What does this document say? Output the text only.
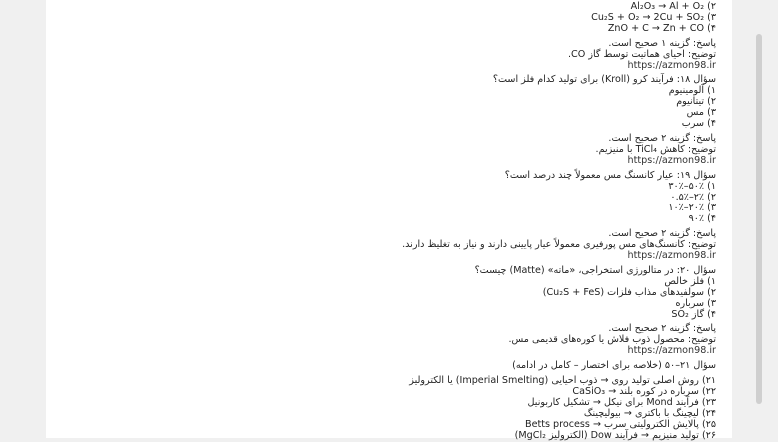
۲) Al₂O₃ → Al + O₂
۳) Cu₂S + O₂ → 2Cu + SO₂
۴) ZnO + C → Zn + CO
پاسخ: گزینه ۱ صحیح است.
توضیح: احیای هماتیت توسط گاز CO.
https://azmon98.ir
سؤال ۱۸: فرآیند کرو (Kroll) برای تولید کدام فلز است؟
۱) آلومینیوم
۲) تیتانیوم
۳) مس
۴) سرب
پاسخ: گزینه ۲ صحیح است.
توضیح: کاهش TiCl₄ با منیزیم.
https://azmon98.ir
سؤال ۱۹: عیار کانسنگ مس معمولاً چند درصد است؟
۱) ۵۰٪–۳۰٪
۲) ۲٪–۰.۵٪
۳) ۲۰٪–۱۰٪
۴) ۹۰٪
پاسخ: گزینه ۲ صحیح است.
توضیح: کانسنگ‌های مس پورفیری معمولاً عیار پایینی دارند و نیاز به تغلیظ دارند.
https://azmon98.ir
سؤال ۲۰: در متالورژی استخراجی، «ماته» (Matte) چیست؟
۱) فلز خالص
۲) سولفیدهای مذاب فلزات (Cu₂S + FeS)
۳) سرباره
۴) گاز SO₂
پاسخ: گزینه ۲ صحیح است.
توضیح: محصول ذوب فلاش یا کوره‌های قدیمی مس.
https://azmon98.ir
سؤال ۲۱–۵۰ (خلاصه برای اختصار – کامل در ادامه)
۲۱) روش اصلی تولید روی → ذوب احیایی (Imperial Smelting) یا الکترولیز
۲۲) سرباره در کوره بلند → CaSiO₃
۲۳) فرآیند Mond برای نیکل → تشکیل کاربونیل
۲۴) لیچینگ با باکتری → بیولیچینگ
۲۵) پالایش الکترولیتی سرب → Betts process
۲۶) تولید منیزیم → فرآیند Dow (الکترولیز MgCl₂)
